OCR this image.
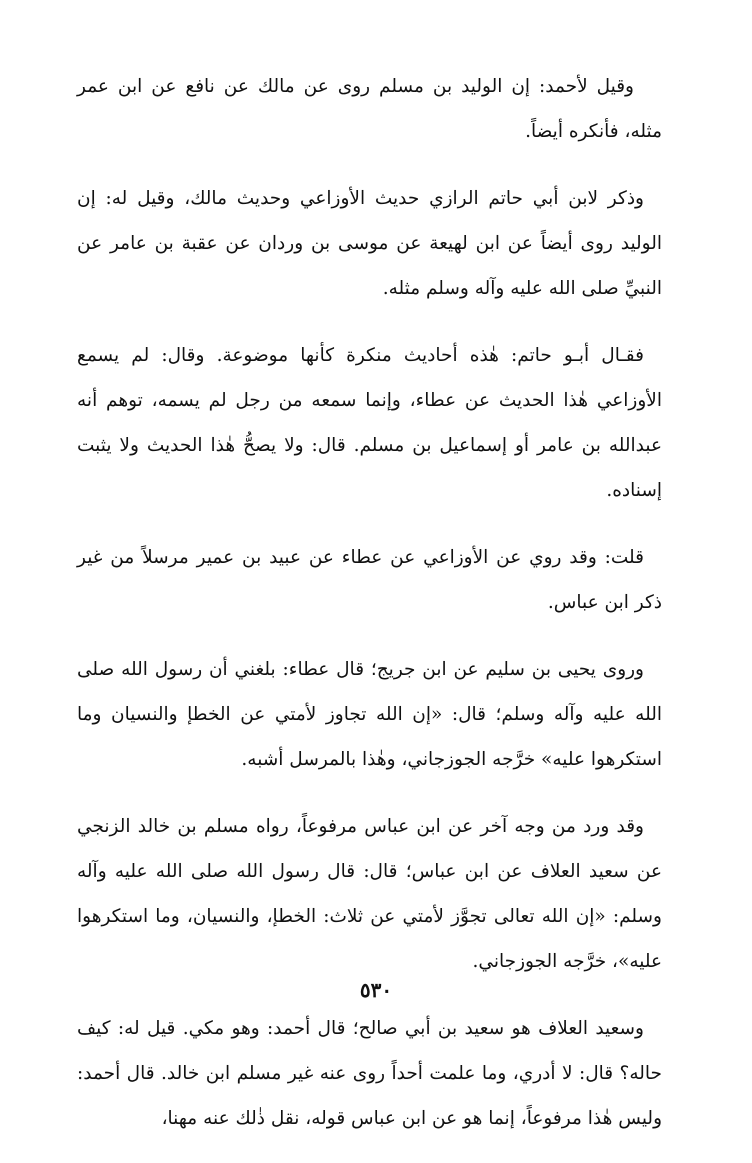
وقيل لأحمد: إن الوليد بن مسلم روى عن مالك عن نافع عن ابن عمر مثله، فأنكره أيضاً.

وذكر لابن أبي حاتم الرازي حديث الأوزاعي وحديث مالك، وقيل له: إن الوليد روى أيضاً عن ابن لهيعة عن موسى بن وردان عن عقبة بن عامر عن النبيِّ صلى الله عليه وآله وسلم مثله.

فقـال أبـو حاتم: هٰذه أحاديث منكرة كأنها موضوعة. وقال: لم يسمع الأوزاعي هٰذا الحديث عن عطاء، وإنما سمعه من رجل لم يسمه، توهم أنه عبدالله بن عامر أو إسماعيل بن مسلم. قال: ولا يصحُّ هٰذا الحديث ولا يثبت إسناده.

قلت: وقد روي عن الأوزاعي عن عطاء عن عبيد بن عمير مرسلاً من غير ذكر ابن عباس.

وروى يحيى بن سليم عن ابن جريج؛ قال عطاء: بلغني أن رسول الله صلى الله عليه وآله وسلم؛ قال: «إن الله تجاوز لأمتي عن الخطإ والنسيان وما استكرهوا عليه» خرَّجه الجوزجاني، وهٰذا بالمرسل أشبه.

وقد ورد من وجه آخر عن ابن عباس مرفوعاً، رواه مسلم بن خالد الزنجي عن سعيد العلاف عن ابن عباس؛ قال: قال رسول الله صلى الله عليه وآله وسلم: «إن الله تعالى تجوَّز لأمتي عن ثلاث: الخطإ، والنسيان، وما استكرهوا عليه»، خرَّجه الجوزجاني.

وسعيد العلاف هو سعيد بن أبي صالح؛ قال أحمد: وهو مكي. قيل له: كيف حاله؟ قال: لا أدري، وما علمت أحداً روى عنه غير مسلم ابن خالد. قال أحمد: وليس هٰذا مرفوعاً، إنما هو عن ابن عباس قوله، نقل ذٰلك عنه مهنا،

٥٣٠
